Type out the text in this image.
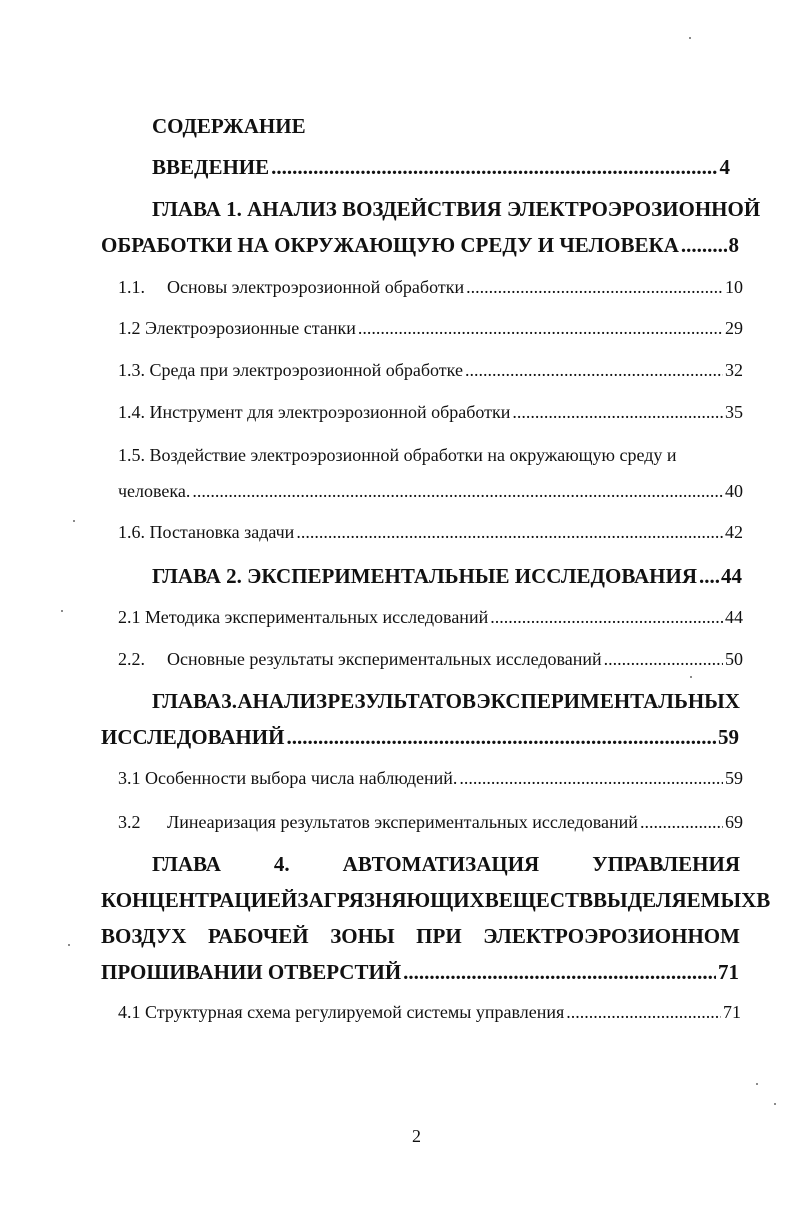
СОДЕРЖАНИЕ
ВВЕДЕНИЕ .....	4
ГЛАВА 1. АНАЛИЗ ВОЗДЕЙСТВИЯ ЭЛЕКТРОЭРОЗИОННОЙ
ОБРАБОТКИ НА ОКРУЖАЮЩУЮ СРЕДУ И ЧЕЛОВЕКА ..... 8
1.1.	Основы электроэрозионной обработки .....	10
1.2 Электроэрозионные станки .....	29
1.3. Среда при электроэрозионной обработке .....	32
1.4. Инструмент для электроэрозионной обработки .....	35
1.5. Воздействие электроэрозионной обработки на окружающую среду и
человека. .....	40
1.6. Постановка задачи .....	42
ГЛАВА 2. ЭКСПЕРИМЕНТАЛЬНЫЕ ИССЛЕДОВАНИЯ ..... 44
2.1 Методика экспериментальных исследований .....	44
2.2.	Основные результаты экспериментальных исследований .....	50
ГЛАВА 3. АНАЛИЗ РЕЗУЛЬТАТОВ ЭКСПЕРИМЕНТАЛЬНЫХ
ИССЛЕДОВАНИЙ .....	59
3.1 Особенности выбора числа наблюдений. .....	59
3.2	Линеаризация результатов экспериментальных исследований .....	69
ГЛАВА	4.	АВТОМАТИЗАЦИЯ	УПРАВЛЕНИЯ
КОНЦЕНТРАЦИЕЙ ЗАГРЯЗНЯЮЩИХ ВЕЩЕСТВ ВЫДЕЛЯЕМЫХ В
ВОЗДУХ РАБОЧЕЙ ЗОНЫ ПРИ ЭЛЕКТРОЭРОЗИОННОМ
ПРОШИВАНИИ ОТВЕРСТИЙ .....	71
4.1 Структурная схема регулируемой системы управления .....	71
2
